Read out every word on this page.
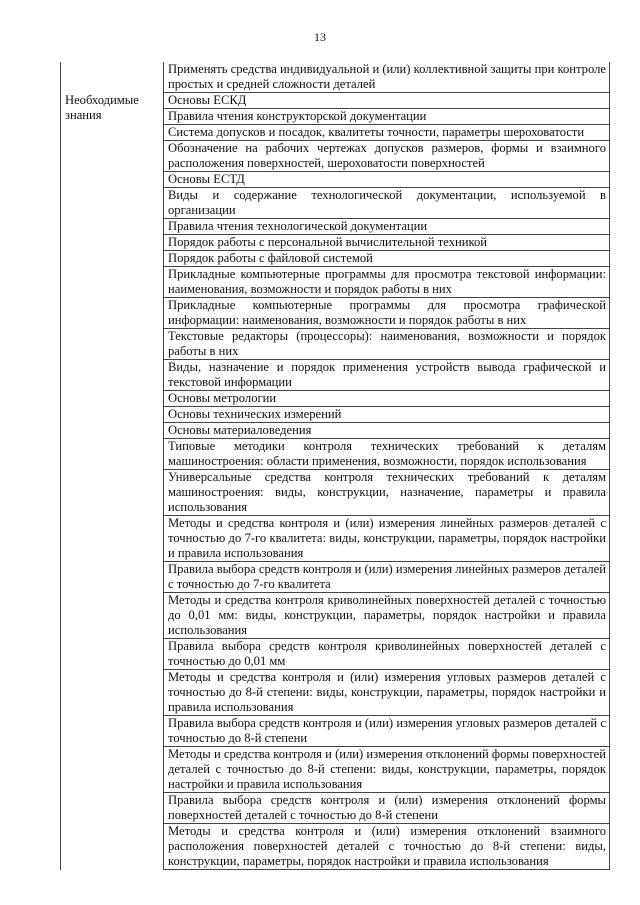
13
	Применять средства индивидуальной и (или) коллективной защиты при контроле простых и средней сложности деталей
Необходимые знания	Основы ЕСКД
	Правила чтения конструкторской документации
	Система допусков и посадок, квалитеты точности, параметры шероховатости
	Обозначение на рабочих чертежах допусков размеров, формы и взаимного расположения поверхностей, шероховатости поверхностей
	Основы ЕСТД
	Виды и содержание технологической документации, используемой в организации
	Правила чтения технологической документации
	Порядок работы с персональной вычислительной техникой
	Порядок работы с файловой системой
	Прикладные компьютерные программы для просмотра текстовой информации: наименования, возможности и порядок работы в них
	Прикладные компьютерные программы для просмотра графической информации: наименования, возможности и порядок работы в них
	Текстовые редакторы (процессоры): наименования, возможности и порядок работы в них
	Виды, назначение и порядок применения устройств вывода графической и текстовой информации
	Основы метрологии
	Основы технических измерений
	Основы материаловедения
	Типовые методики контроля технических требований к деталям машиностроения: области применения, возможности, порядок использования
	Универсальные средства контроля технических требований к деталям машиностроения: виды, конструкции, назначение, параметры и правила использования
	Методы и средства контроля и (или) измерения линейных размеров деталей с точностью до 7-го квалитета: виды, конструкции, параметры, порядок настройки и правила использования
	Правила выбора средств контроля и (или) измерения линейных размеров деталей с точностью до 7-го квалитета
	Методы и средства контроля криволинейных поверхностей деталей с точностью до 0,01 мм: виды, конструкции, параметры, порядок настройки и правила использования
	Правила выбора средств контроля криволинейных поверхностей деталей с точностью до 0,01 мм
	Методы и средства контроля и (или) измерения угловых размеров деталей с точностью до 8-й степени: виды, конструкции, параметры, порядок настройки и правила использования
	Правила выбора средств контроля и (или) измерения угловых размеров деталей с точностью до 8-й степени
	Методы и средства контроля и (или) измерения отклонений формы поверхностей деталей с точностью до 8-й степени: виды, конструкции, параметры, порядок настройки и правила использования
	Правила выбора средств контроля и (или) измерения отклонений формы поверхностей деталей с точностью до 8-й степени
	Методы и средства контроля и (или) измерения отклонений взаимного расположения поверхностей деталей с точностью до 8-й степени: виды, конструкции, параметры, порядок настройки и правила использования
